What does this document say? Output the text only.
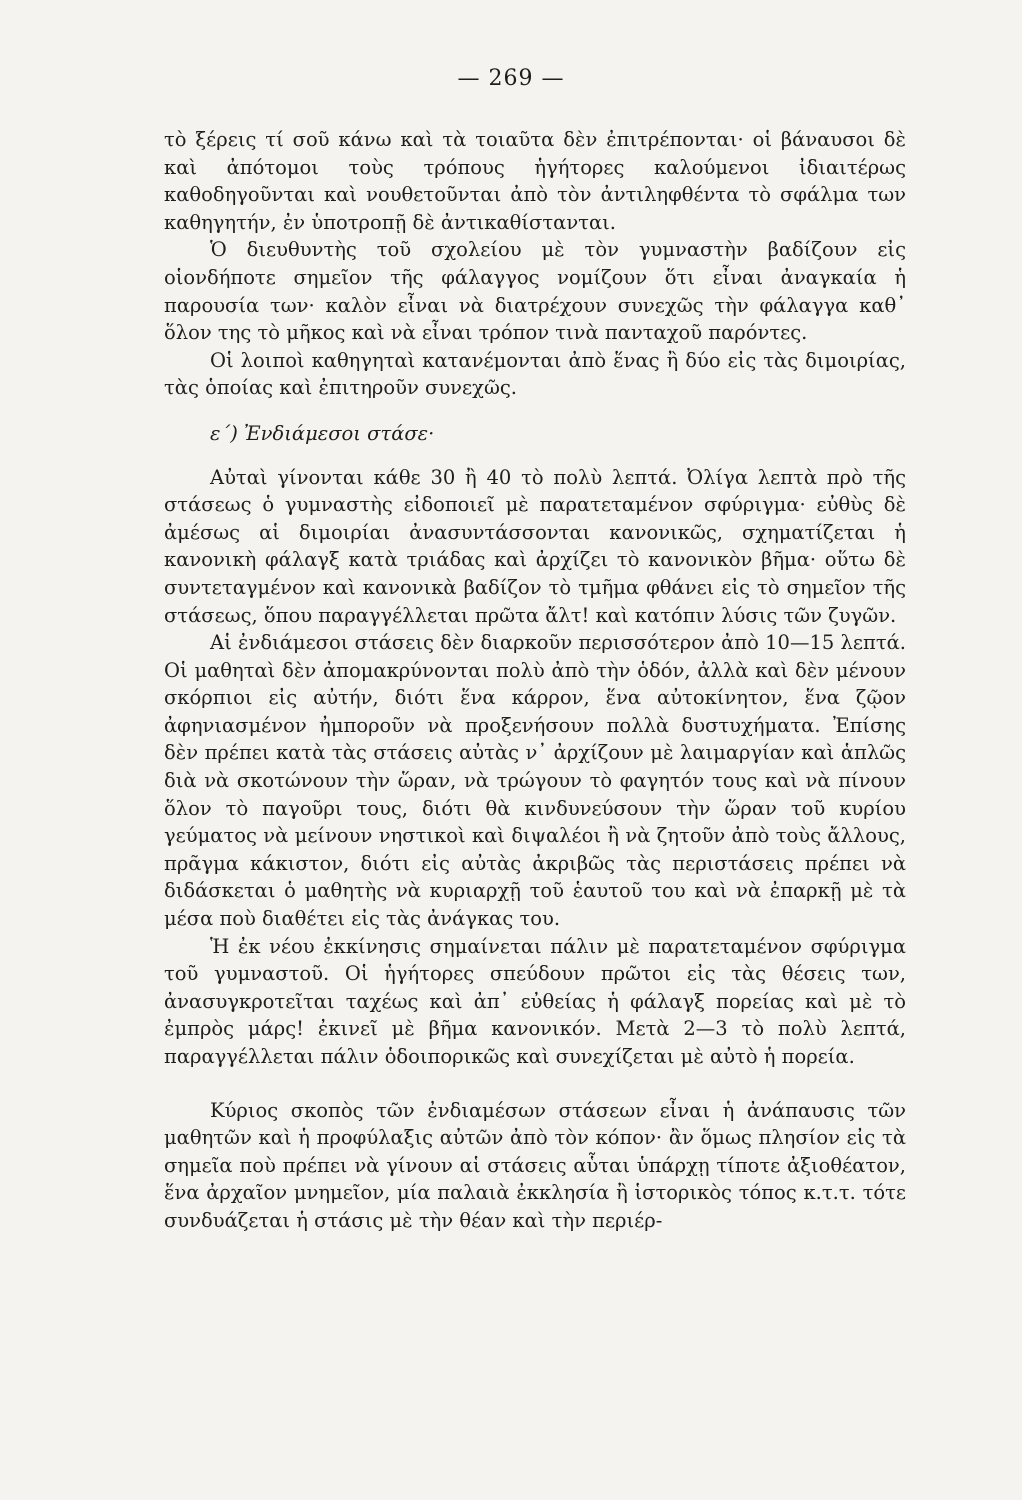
— 269 —

τὸ ξέρεις τί σοῦ κάνω καὶ τὰ τοιαῦτα δὲν ἐπιτρέπονται· οἱ βάναυσοι δὲ καὶ ἀπότομοι τοὺς τρόπους ἡγήτορες καλούμενοι ἰδιαιτέρως καθοδηγοῦνται καὶ νουθετοῦνται ἀπὸ τὸν ἀντιληφθέντα τὸ σφάλμα των καθηγητήν, ἐν ὑποτροπῇ δὲ ἀντικαθίστανται.

Ὁ διευθυντὴς τοῦ σχολείου μὲ τὸν γυμναστὴν βαδίζουν εἰς οἱονδήποτε σημεῖον τῆς φάλαγγος νομίζουν ὅτι εἶναι ἀναγκαία ἡ παρουσία των· καλὸν εἶναι νὰ διατρέχουν συνεχῶς τὴν φάλαγγα καθ᾽ ὅλον της τὸ μῆκος καὶ νὰ εἶναι τρόπον τινὰ πανταχοῦ παρόντες.

Οἱ λοιποὶ καθηγηταὶ κατανέμονται ἀπὸ ἕνας ἢ δύο εἰς τὰς διμοιρίας, τὰς ὁποίας καὶ ἐπιτηροῦν συνεχῶς.

ε΄) Ἐνδιάμεσοι στάσε·

Αὐταὶ γίνονται κάθε 30 ἢ 40 τὸ πολὺ λεπτά. Ὀλίγα λεπτὰ πρὸ τῆς στάσεως ὁ γυμναστὴς εἰδοποιεῖ μὲ παρατεταμένον σφύριγμα· εὐθὺς δὲ ἀμέσως αἱ διμοιρίαι ἀνασυντάσσονται κανονικῶς, σχηματίζεται ἡ κανονικὴ φάλαγξ κατὰ τριάδας καὶ ἀρχίζει τὸ κανονικὸν βῆμα· οὕτω δὲ συντεταγμένον καὶ κανονικὰ βαδίζον τὸ τμῆμα φθάνει εἰς τὸ σημεῖον τῆς στάσεως, ὅπου παραγγέλλεται πρῶτα ἄλτ! καὶ κατόπιν λύσις τῶν ζυγῶν.

Αἱ ἐνδιάμεσοι στάσεις δὲν διαρκοῦν περισσότερον ἀπὸ 10—15 λεπτά. Οἱ μαθηταὶ δὲν ἀπομακρύνονται πολὺ ἀπὸ τὴν ὁδόν, ἀλλὰ καὶ δὲν μένουν σκόρπιοι εἰς αὐτήν, διότι ἕνα κάρρον, ἕνα αὐτοκίνητον, ἕνα ζῷον ἀφηνιασμένον ἠμποροῦν νὰ προξενήσουν πολλὰ δυστυχήματα. Ἐπίσης δὲν πρέπει κατὰ τὰς στάσεις αὐτὰς ν᾽ ἀρχίζουν μὲ λαιμαργίαν καὶ ἁπλῶς διὰ νὰ σκοτώνουν τὴν ὥραν, νὰ τρώγουν τὸ φαγητόν τους καὶ νὰ πίνουν ὅλον τὸ παγοῦρι τους, διότι θὰ κινδυνεύσουν τὴν ὥραν τοῦ κυρίου γεύματος νὰ μείνουν νηστικοὶ καὶ διψαλέοι ἢ νὰ ζητοῦν ἀπὸ τοὺς ἄλλους, πρᾶγμα κάκιστον, διότι εἰς αὐτὰς ἀκριβῶς τὰς περιστάσεις πρέπει νὰ διδάσκεται ὁ μαθητὴς νὰ κυριαρχῇ τοῦ ἑαυτοῦ του καὶ νὰ ἐπαρκῇ μὲ τὰ μέσα ποὺ διαθέτει εἰς τὰς ἀνάγκας του.

Ἡ ἐκ νέου ἐκκίνησις σημαίνεται πάλιν μὲ παρατεταμένον σφύριγμα τοῦ γυμναστοῦ. Οἱ ἡγήτορες σπεύδουν πρῶτοι εἰς τὰς θέσεις των, ἀνασυγκροτεῖται ταχέως καὶ ἀπ᾽ εὐθείας ἡ φάλαγξ πορείας καὶ μὲ τὸ ἐμπρὸς μάρς! ἐκινεῖ μὲ βῆμα κανονικόν. Μετὰ 2—3 τὸ πολὺ λεπτά, παραγγέλλεται πάλιν ὁδοιπορικῶς καὶ συνεχίζεται μὲ αὐτὸ ἡ πορεία.

Κύριος σκοπὸς τῶν ἐνδιαμέσων στάσεων εἶναι ἡ ἀνάπαυσις τῶν μαθητῶν καὶ ἡ προφύλαξις αὐτῶν ἀπὸ τὸν κόπον· ἂν ὅμως πλησίον εἰς τὰ σημεῖα ποὺ πρέπει νὰ γίνουν αἱ στάσεις αὗται ὑπάρχῃ τίποτε ἀξιοθέατον, ἕνα ἀρχαῖον μνημεῖον, μία παλαιὰ ἐκκλησία ἢ ἱστορικὸς τόπος κ.τ.τ. τότε συνδυάζεται ἡ στάσις μὲ τὴν θέαν καὶ τὴν περιέρ-
